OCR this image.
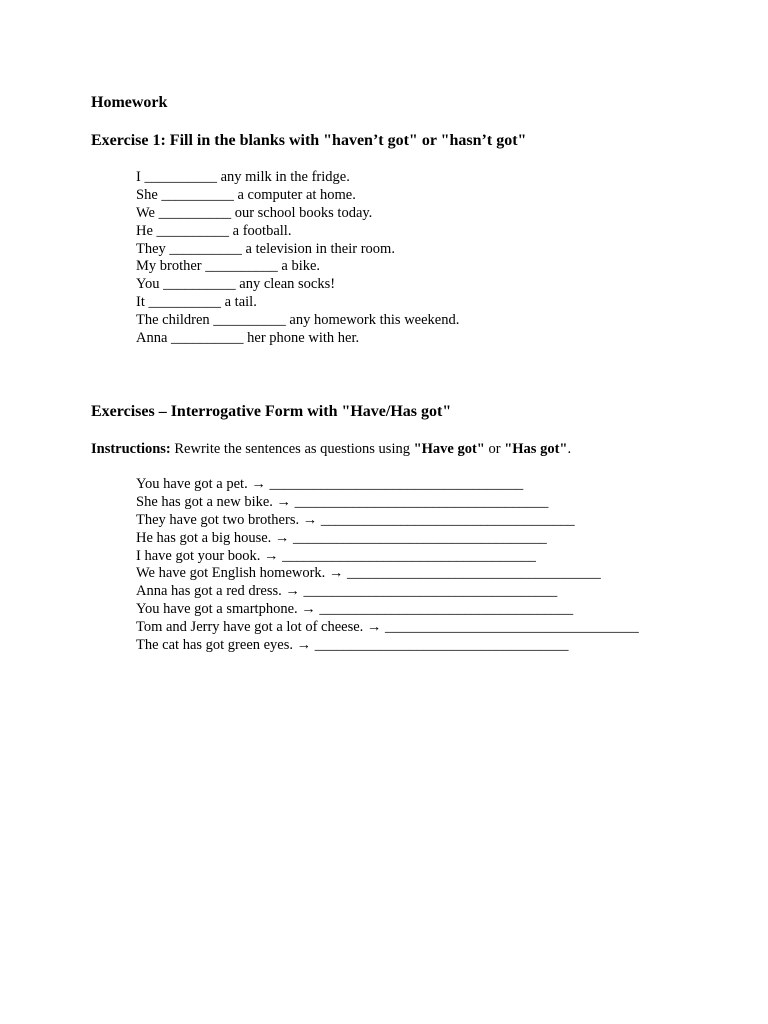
Homework
Exercise 1: Fill in the blanks with "haven’t got" or "hasn’t got"
I __________ any milk in the fridge.
She __________ a computer at home.
We __________ our school books today.
He __________ a football.
They __________ a television in their room.
My brother __________ a bike.
You __________ any clean socks!
It __________ a tail.
The children __________ any homework this weekend.
Anna __________ her phone with her.
Exercises – Interrogative Form with "Have/Has got"

Instructions: Rewrite the sentences as questions using "Have got" or "Has got".

You have got a pet. → ___________________________________
She has got a new bike. → ___________________________________
They have got two brothers. → ___________________________________
He has got a big house. → ___________________________________
I have got your book. → ___________________________________
We have got English homework. → ___________________________________
Anna has got a red dress. → ___________________________________
You have got a smartphone. → ___________________________________
Tom and Jerry have got a lot of cheese. → ___________________________________
The cat has got green eyes. → ___________________________________
